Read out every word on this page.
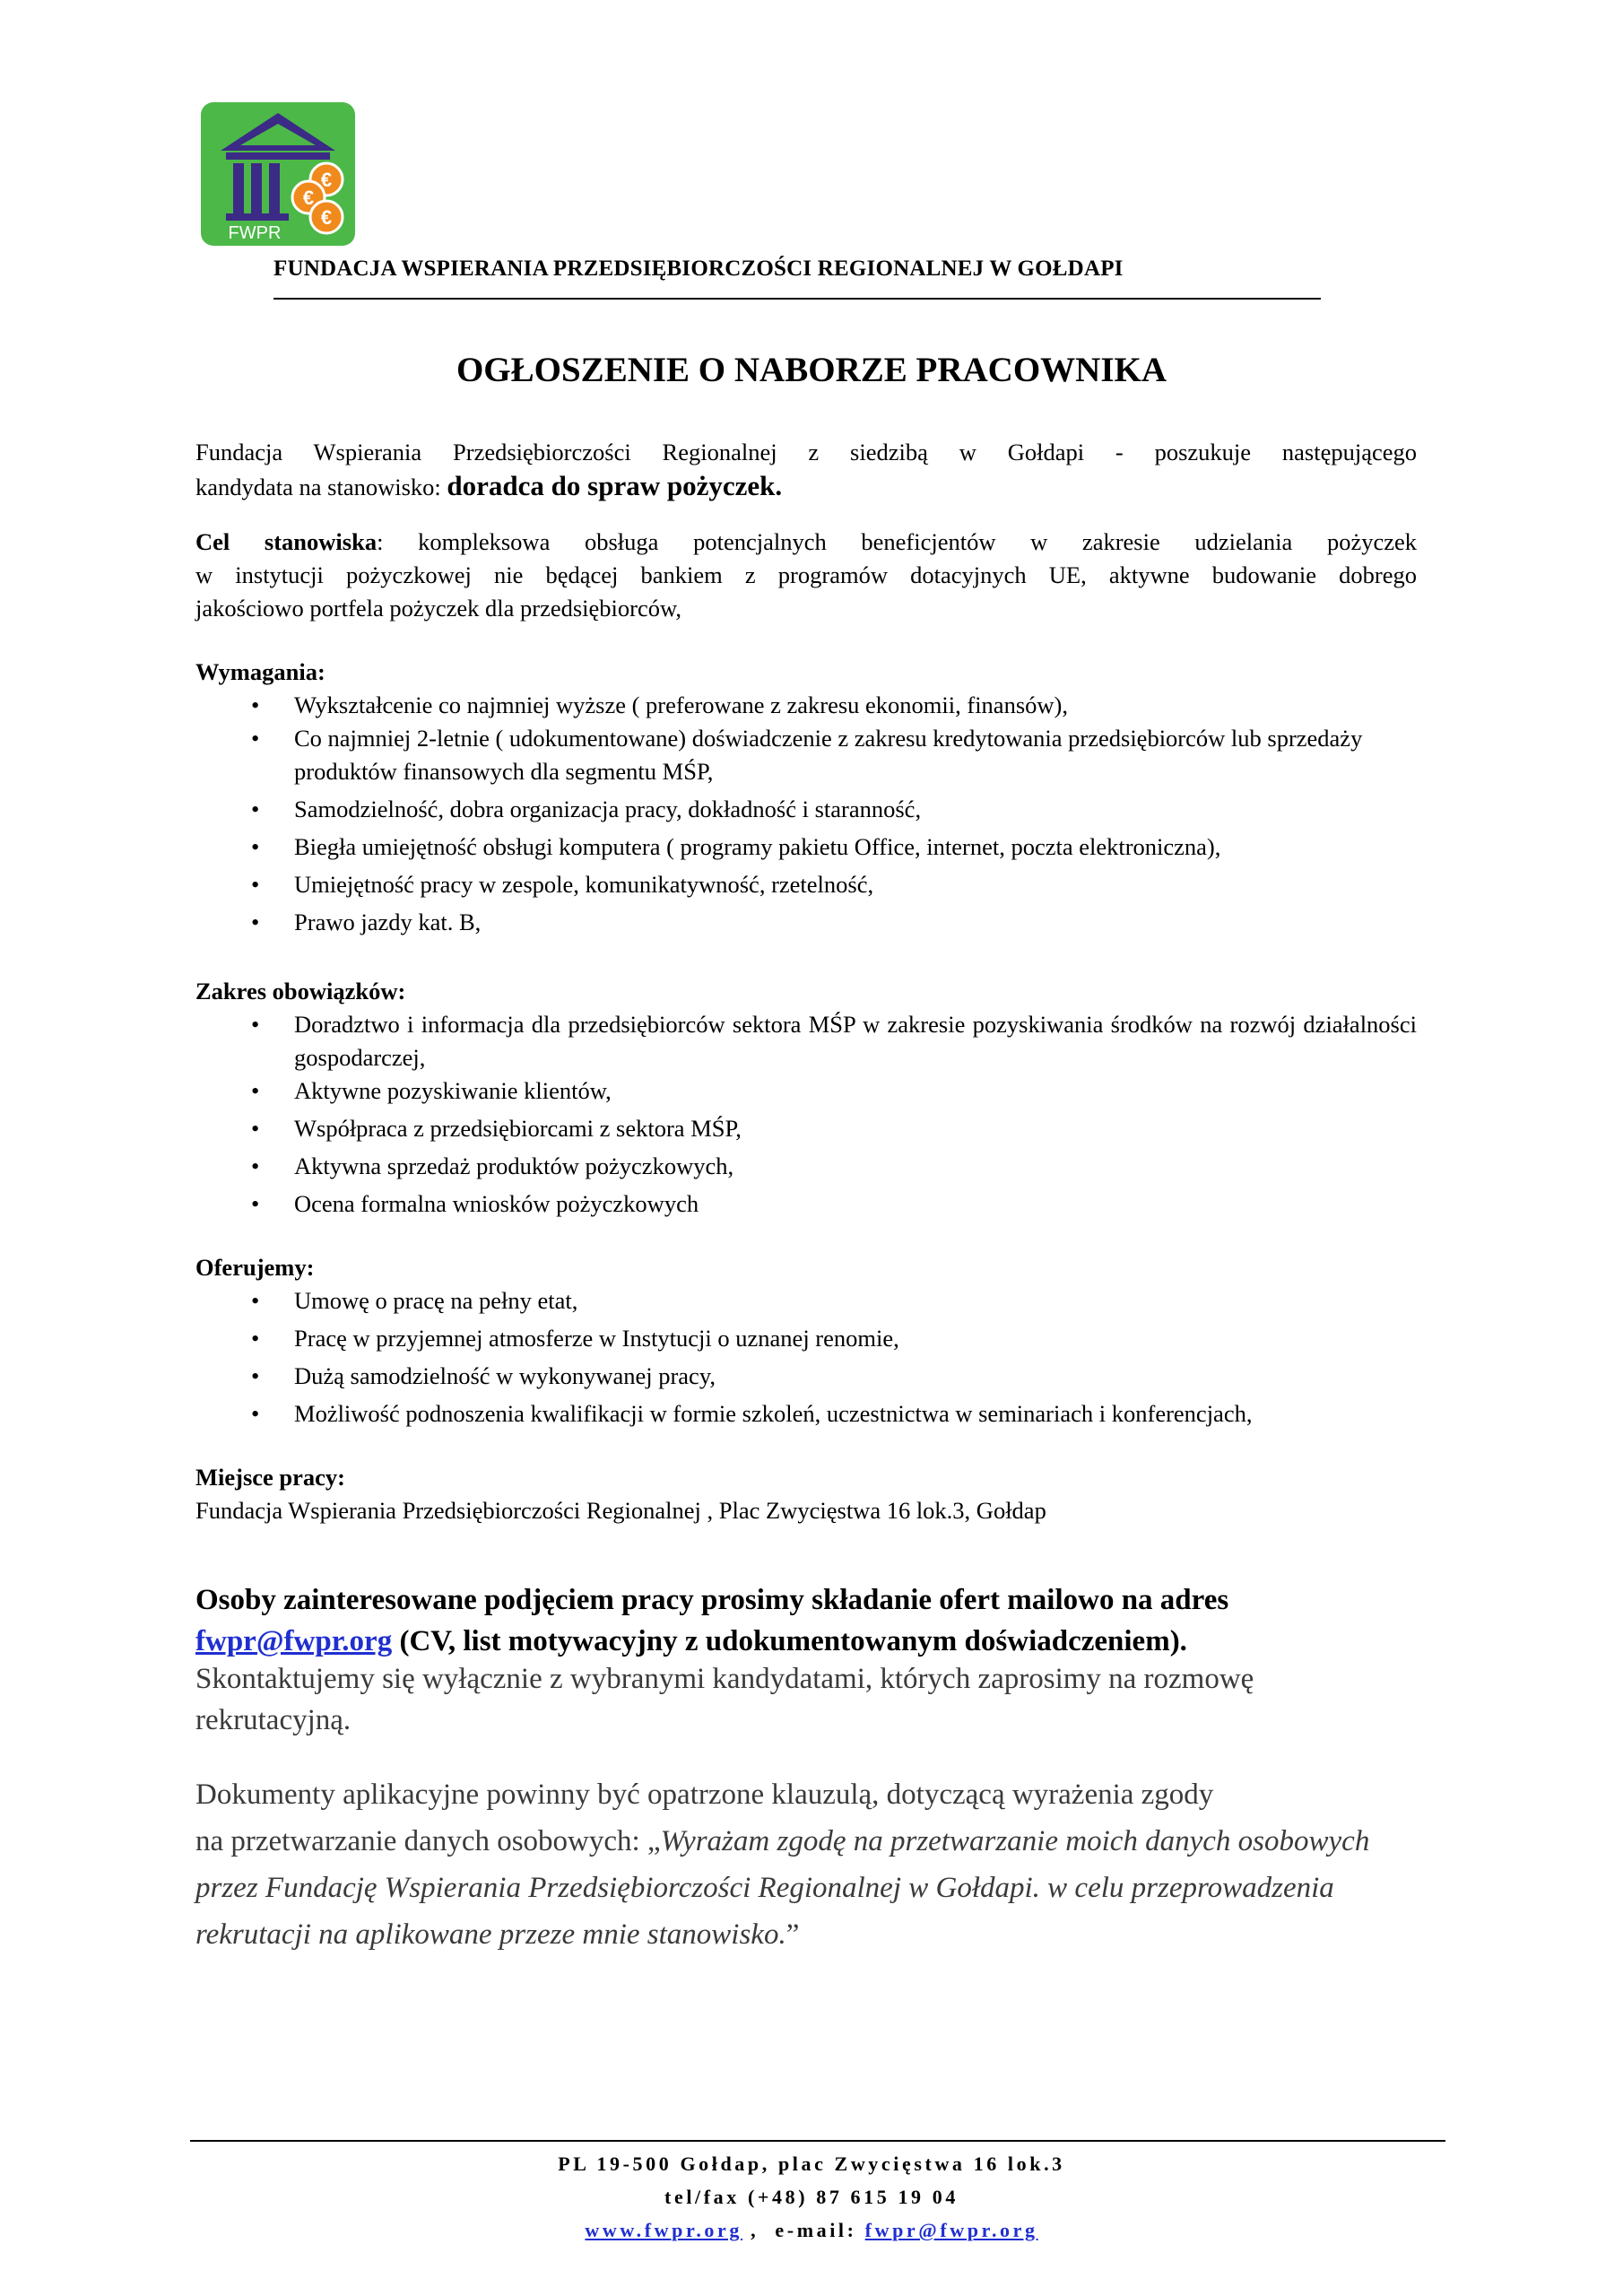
€
€
€
FWPR
FUNDACJA WSPIERANIA PRZEDSIĘBIORCZOŚCI REGIONALNEJ W GOŁDAPI
OGŁOSZENIE O NABORZE PRACOWNIKA

Fundacja Wspierania Przedsiębiorczości Regionalnej z siedzibą w Gołdapi - poszukuje następującego

kandydata na stanowisko: doradca do spraw pożyczek.

Cel stanowiska: kompleksowa obsługa potencjalnych beneficjentów w zakresie udzielania pożyczek

w instytucji pożyczkowej nie będącej bankiem z programów dotacyjnych UE, aktywne budowanie dobrego

jakościowo portfela pożyczek dla przedsiębiorców,

Wymagania:

• Wykształcenie co najmniej wyższe ( preferowane z zakresu ekonomii, finansów),
• Co najmniej 2-letnie ( udokumentowane) doświadczenie z zakresu kredytowania przedsiębiorców lub sprzedaży produktów finansowych dla segmentu MŚP,
• Samodzielność, dobra organizacja pracy, dokładność i staranność,
• Biegła umiejętność obsługi komputera ( programy pakietu Office, internet, poczta elektroniczna),
• Umiejętność pracy w zespole, komunikatywność, rzetelność,
• Prawo jazdy kat. B,

Zakres obowiązków:

• Doradztwo i informacja dla przedsiębiorców sektora MŚP w zakresie pozyskiwania środków na rozwój działalności gospodarczej,
• Aktywne pozyskiwanie klientów,
• Współpraca z przedsiębiorcami z sektora MŚP,
• Aktywna sprzedaż produktów pożyczkowych,
• Ocena formalna wniosków pożyczkowych

Oferujemy:

• Umowę o pracę na pełny etat,
• Pracę w przyjemnej atmosferze w Instytucji o uznanej renomie,
• Dużą samodzielność w wykonywanej pracy,
• Możliwość podnoszenia kwalifikacji w formie szkoleń, uczestnictwa w seminariach i konferencjach,

Miejsce pracy:

Fundacja Wspierania Przedsiębiorczości Regionalnej , Plac Zwycięstwa 16 lok.3, Gołdap

Osoby zainteresowane podjęciem pracy prosimy składanie ofert mailowo na adres

fwpr@fwpr.org (CV, list motywacyjny z udokumentowanym doświadczeniem).

Skontaktujemy się wyłącznie z wybranymi kandydatami, których zaprosimy na rozmowę rekrutacyjną.

Dokumenty aplikacyjne powinny być opatrzone klauzulą, dotyczącą wyrażenia zgody

na przetwarzanie danych osobowych: „Wyrażam zgodę na przetwarzanie moich danych osobowych przez Fundację Wspierania Przedsiębiorczości Regionalnej w Gołdapi. w celu przeprowadzenia rekrutacji na aplikowane przeze mnie stanowisko.”

PL 19-500 Gołdap, plac Zwycięstwa 16 lok.3
tel/fax (+48) 87 615 19 04
www.fwpr.org ,  e-mail: fwpr@fwpr.org
